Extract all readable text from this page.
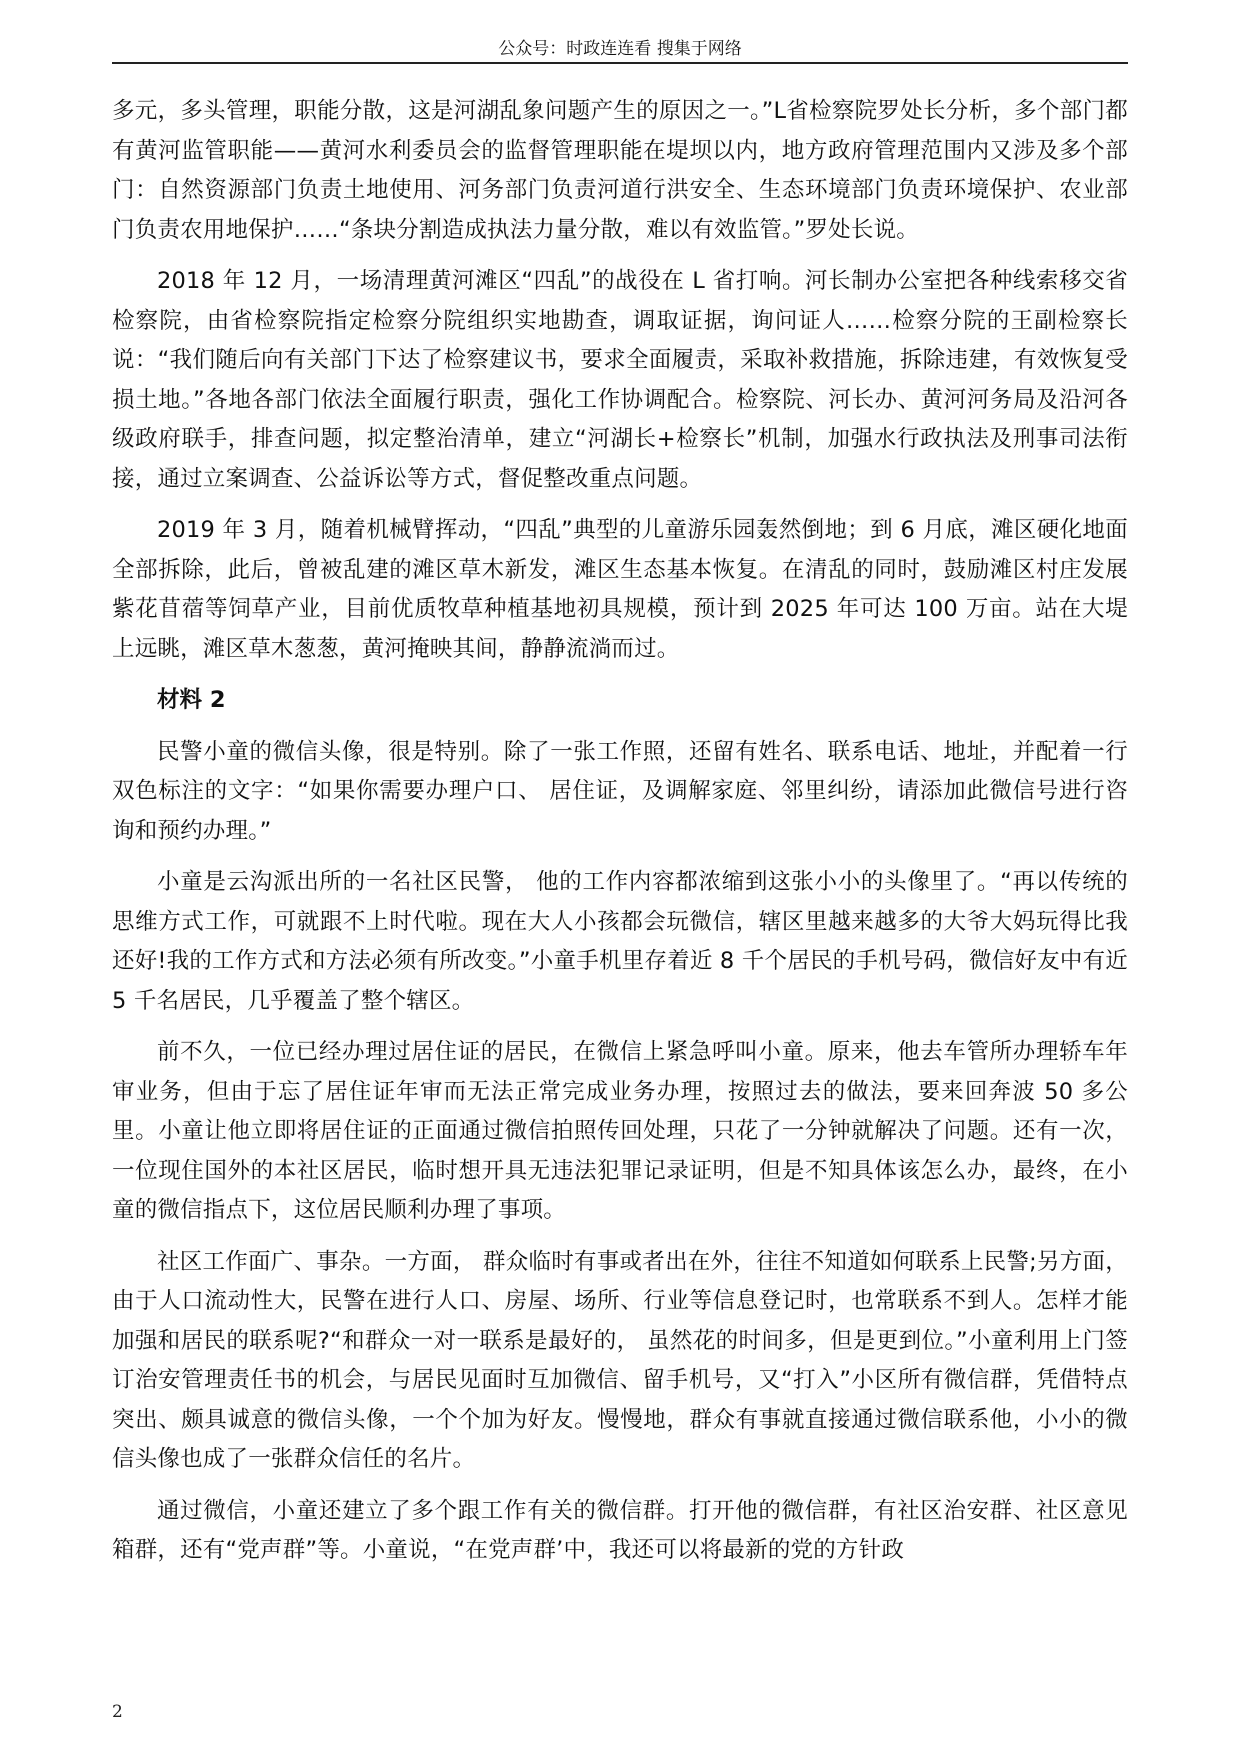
公众号：时政连连看 搜集于网络

多元，多头管理，职能分散，这是河湖乱象问题产生的原因之一。”L省检察院罗处长分析，多个部门都有黄河监管职能——黄河水利委员会的监督管理职能在堤坝以内，地方政府管理范围内又涉及多个部门：自然资源部门负责土地使用、河务部门负责河道行洪安全、生态环境部门负责环境保护、农业部门负责农用地保护……“条块分割造成执法力量分散，难以有效监管。”罗处长说。

2018 年 12 月，一场清理黄河滩区“四乱”的战役在 L 省打响。河长制办公室把各种线索移交省检察院，由省检察院指定检察分院组织实地勘查，调取证据，询问证人……检察分院的王副检察长说：“我们随后向有关部门下达了检察建议书，要求全面履责，采取补救措施，拆除违建，有效恢复受损土地。”各地各部门依法全面履行职责，强化工作协调配合。检察院、河长办、黄河河务局及沿河各级政府联手，排查问题，拟定整治清单，建立“河湖长+检察长”机制，加强水行政执法及刑事司法衔接，通过立案调查、公益诉讼等方式，督促整改重点问题。

2019 年 3 月，随着机械臂挥动，“四乱”典型的儿童游乐园轰然倒地；到 6 月底，滩区硬化地面全部拆除，此后，曾被乱建的滩区草木新发，滩区生态基本恢复。在清乱的同时，鼓励滩区村庄发展紫花苜蓿等饲草产业，目前优质牧草种植基地初具规模，预计到 2025 年可达 100 万亩。站在大堤上远眺，滩区草木葱葱，黄河掩映其间，静静流淌而过。

材料 2

民警小童的微信头像，很是特别。除了一张工作照，还留有姓名、联系电话、地址，并配着一行双色标注的文字：“如果你需要办理户口、 居住证，及调解家庭、邻里纠纷，请添加此微信号进行咨询和预约办理。”

小童是云沟派出所的一名社区民警， 他的工作内容都浓缩到这张小小的头像里了。“再以传统的思维方式工作，可就跟不上时代啦。现在大人小孩都会玩微信，辖区里越来越多的大爷大妈玩得比我还好!我的工作方式和方法必须有所改变。”小童手机里存着近 8 千个居民的手机号码，微信好友中有近 5 千名居民，几乎覆盖了整个辖区。

前不久，一位已经办理过居住证的居民，在微信上紧急呼叫小童。原来，他去车管所办理轿车年审业务，但由于忘了居住证年审而无法正常完成业务办理，按照过去的做法，要来回奔波 50 多公里。小童让他立即将居住证的正面通过微信拍照传回处理，只花了一分钟就解决了问题。还有一次，一位现住国外的本社区居民，临时想开具无违法犯罪记录证明，但是不知具体该怎么办，最终，在小童的微信指点下，这位居民顺利办理了事项。

社区工作面广、事杂。一方面， 群众临时有事或者出在外，往往不知道如何联系上民警;另方面，由于人口流动性大，民警在进行人口、房屋、场所、行业等信息登记时，也常联系不到人。怎样才能加强和居民的联系呢?“和群众一对一联系是最好的， 虽然花的时间多，但是更到位。”小童利用上门签订治安管理责任书的机会，与居民见面时互加微信、留手机号，又“打入”小区所有微信群，凭借特点突出、颇具诚意的微信头像，一个个加为好友。慢慢地，群众有事就直接通过微信联系他，小小的微信头像也成了一张群众信任的名片。

通过微信，小童还建立了多个跟工作有关的微信群。打开他的微信群，有社区治安群、社区意见箱群，还有“党声群”等。小童说，“在党声群’中，我还可以将最新的党的方针政

2
